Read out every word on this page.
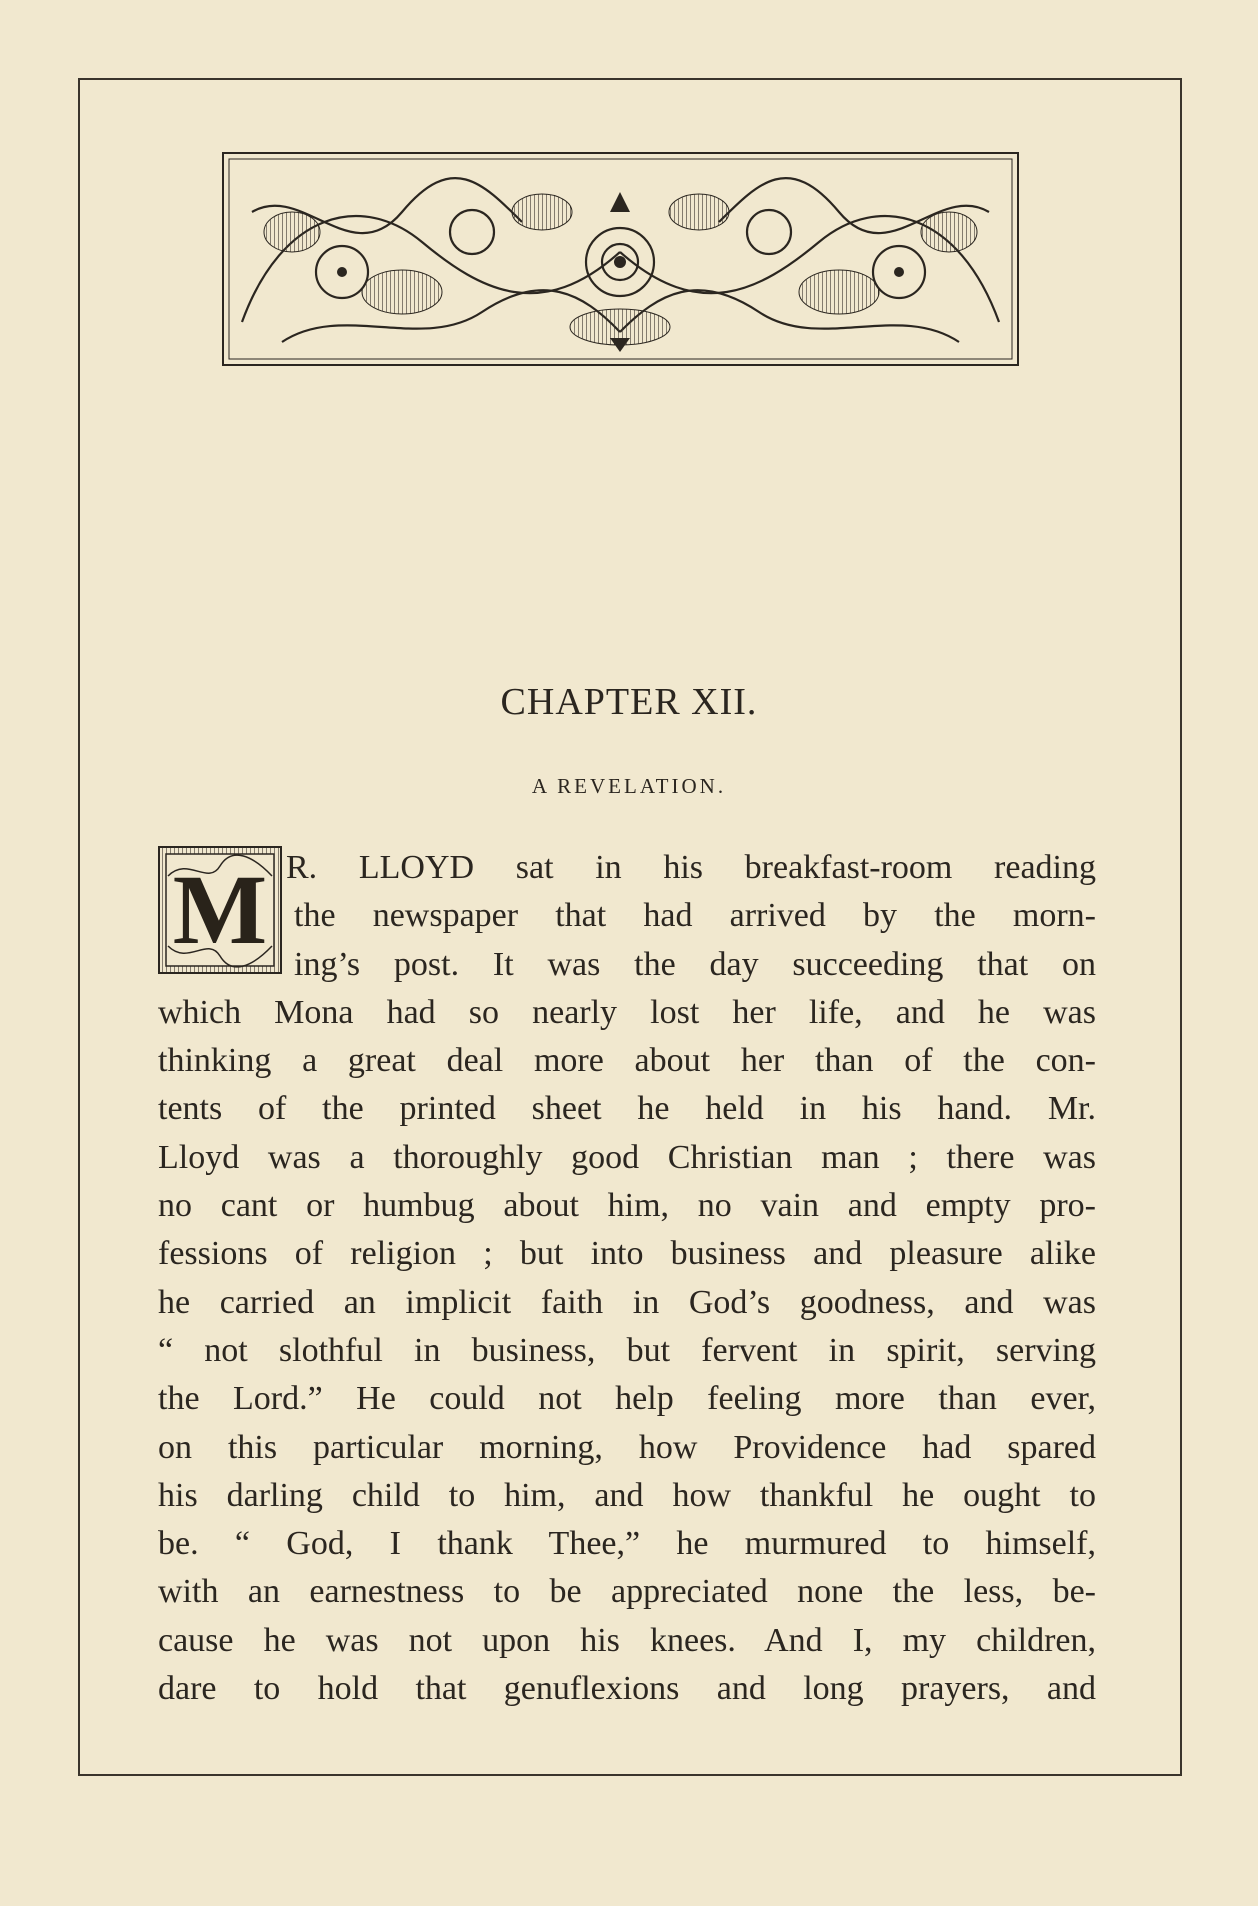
CHAPTER XII.
A REVELATION.
M R. LLOYD sat in his breakfast-room reading
the newspaper that had arrived by the morn-
ing’s post. It was the day succeeding that on
which Mona had so nearly lost her life, and he was
thinking a great deal more about her than of the con-
tents of the printed sheet he held in his hand. Mr.
Lloyd was a thoroughly good Christian man ; there was
no cant or humbug about him, no vain and empty pro-
fessions of religion ; but into business and pleasure alike
he carried an implicit faith in God’s goodness, and was
“ not slothful in business, but fervent in spirit, serving
the Lord.” He could not help feeling more than ever,
on this particular morning, how Providence had spared
his darling child to him, and how thankful he ought to
be. “ God, I thank Thee,” he murmured to himself,
with an earnestness to be appreciated none the less, be-
cause he was not upon his knees. And I, my children,
dare to hold that genuflexions and long prayers, and
